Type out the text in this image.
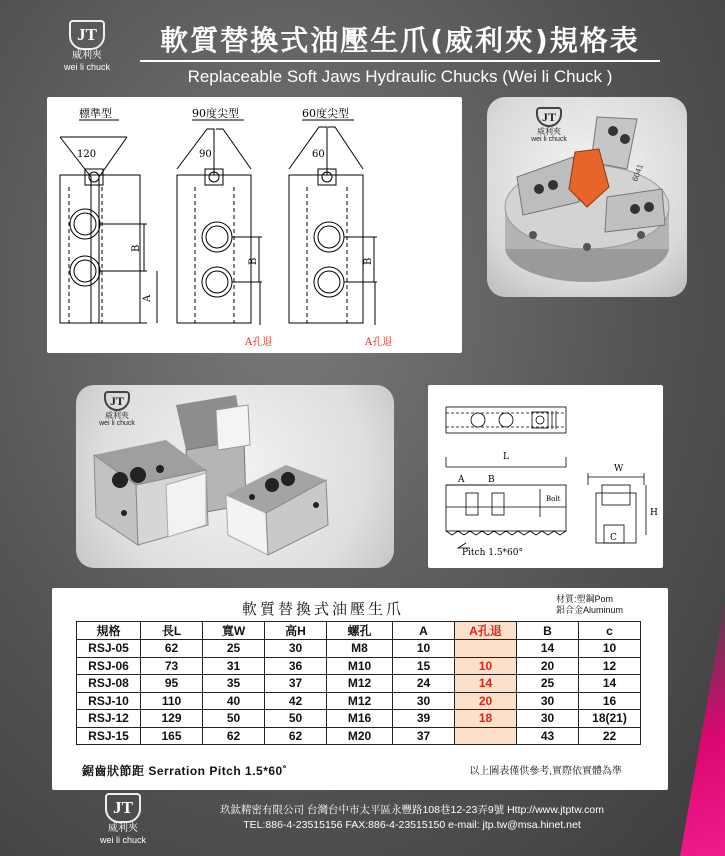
JT
威利夾
wei li chuck
軟質替換式油壓生爪(威利夾)規格表
Replaceable Soft Jaws Hydraulic Chucks (Wei li Chuck )
標準型	90度尖型	60度尖型
120
B
A
90
B
A孔退
60
B
A孔退
JT
威利夾
wei li chuck
6041
JT
威利夾
wei li chuck
L
A	B
Bolt
Pitch 1.5*60°
W
H
C
軟質替換式油壓生爪
材質:塑鋼Pom
鋁合金Aluminum
規格	長L	寬W	高H	螺孔	A	A孔退	B	c
RSJ-05	62	25	30	M8	10		14	10
RSJ-06	73	31	36	M10	15	10	20	12
RSJ-08	95	35	37	M12	24	14	25	14
RSJ-10	110	40	42	M12	30	20	30	16
RSJ-12	129	50	50	M16	39	18	30	18(21)
RSJ-15	165	62	62	M20	37		43	22
鋸齒狀節距 Serration Pitch 1.5*60˚	以上圖表僅供參考,實際依實體為準
JT
威利夾
wei li chuck
玖鈦精密有限公司 台灣台中市太平區永豐路108巷12-23弄9號 Http://www.jtptw.com
TEL:886-4-23515156 FAX:886-4-23515150 e-mail: jtp.tw@msa.hinet.net
